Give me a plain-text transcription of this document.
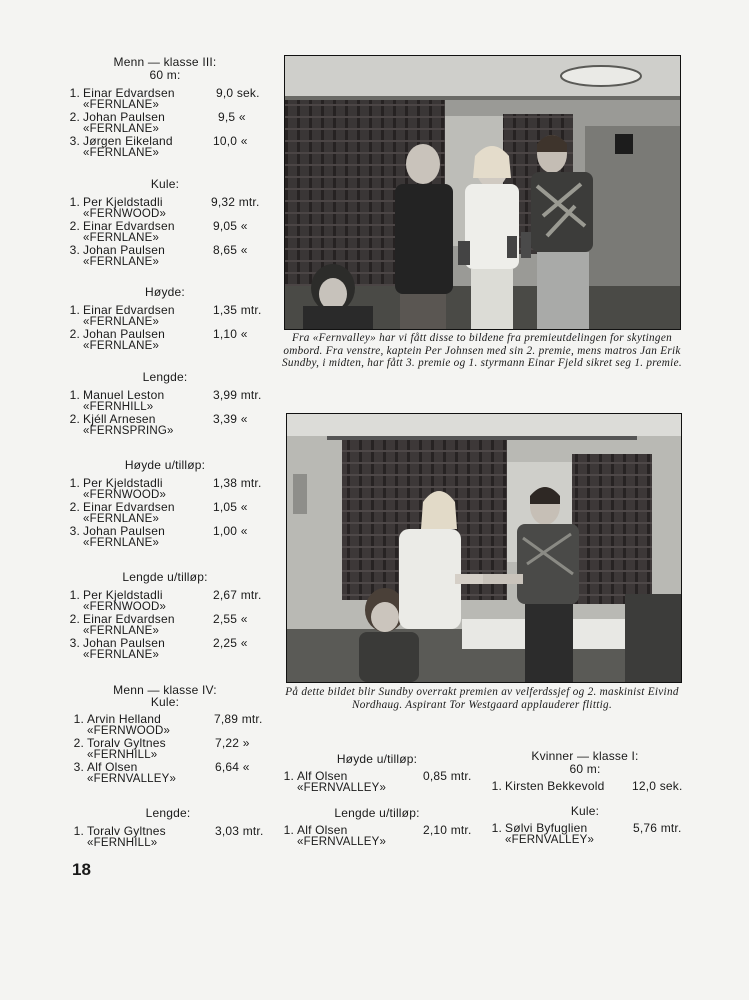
Menn — klasse III:
60 m:
1. Einar Edvardsen	9,0 sek.
«FERNLANE»
2. Johan Paulsen	9,5 «
«FERNLANE»
3. Jørgen Eikeland	10,0 «
«FERNLANE»
Kule:
1. Per Kjeldstadli	9,32 mtr.
«FERNWOOD»
2. Einar Edvardsen	9,05 «
«FERNLANE»
3. Johan Paulsen	8,65 «
«FERNLANE»
Høyde:
1. Einar Edvardsen	1,35 mtr.
«FERNLANE»
2. Johan Paulsen	1,10 «
«FERNLANE»
Lengde:
1. Manuel Leston	3,99 mtr.
«FERNHILL»
2. Kjéll Arnesen	3,39 «
«FERNSPRING»
Høyde u/tilløp:
1. Per Kjeldstadli	1,38 mtr.
«FERNWOOD»
2. Einar Edvardsen	1,05 «
«FERNLANE»
3. Johan Paulsen	1,00 «
«FERNLANE»
Lengde u/tilløp:
1. Per Kjeldstadli	2,67 mtr.
«FERNWOOD»
2. Einar Edvardsen	2,55 «
«FERNLANE»
3. Johan Paulsen	2,25 «
«FERNLANE»
Menn — klasse IV:
Kule:
1. Arvin Helland	7,89 mtr.
«FERNWOOD»
2. Toralv Gyltnes	7,22 »
«FERNHILL»
3. Alf Olsen	6,64 «
«FERNVALLEY»
Lengde:
1. Toralv Gyltnes	3,03 mtr.
«FERNHILL»
18
Fra «Fernvalley» har vi fått disse to bildene fra premieutdelingen for skytingen ombord. Fra venstre, kaptein Per Johnsen med sin 2. premie, mens matros Jan Erik Sundby, i midten, har fått 3. premie og 1. styrmann Einar Fjeld sikret seg 1. premie.
På dette bildet blir Sundby overrakt premien av velferdssjef og 2. maskinist Eivind Nordhaug. Aspirant Tor Westgaard applauderer flittig.
Høyde u/tilløp:
1. Alf Olsen	0,85 mtr.
«FERNVALLEY»
Lengde u/tilløp:
1. Alf Olsen	2,10 mtr.
«FERNVALLEY»
Kvinner — klasse I:
60 m:
1. Kirsten Bekkevold 12,0 sek.
Kule:
1. Sølvi Byfuglien	5,76 mtr.
«FERNVALLEY»
